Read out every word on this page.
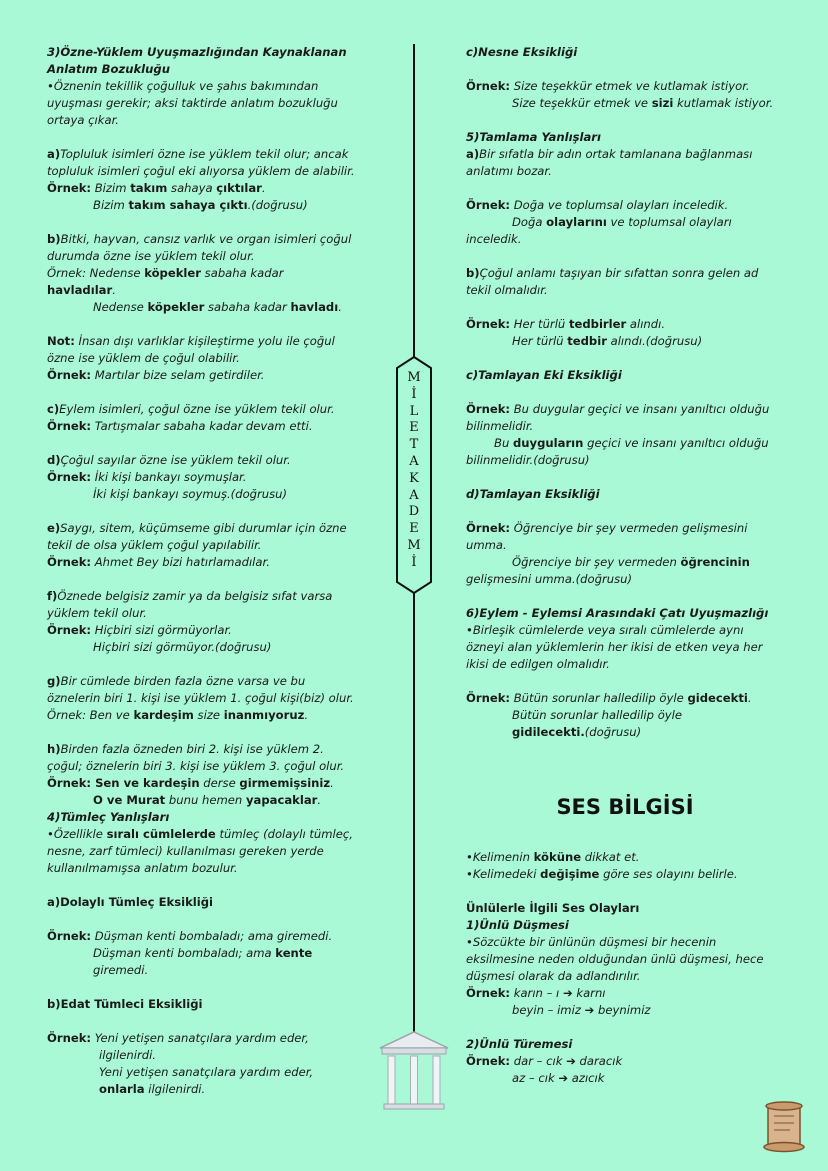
M
İ
L
E
T
A
K
A
D
E
M
İ

3)Özne-Yüklem Uyuşmazlığından Kaynaklanan
Anlatım Bozukluğu

•Öznenin tekillik çoğulluk ve şahıs bakımından
uyuşması gerekir; aksi taktirde anlatım bozukluğu
ortaya çıkar.

a)Topluluk isimleri özne ise yüklem tekil olur; ancak
topluluk isimleri çoğul eki alıyorsa yüklem de alabilir.

Örnek: Bizim takım sahaya çıktılar.

Bizim takım sahaya çıktı.(doğrusu)

b)Bitki, hayvan, cansız varlık ve organ isimleri çoğul
durumda özne ise yüklem tekil olur.

Örnek: Nedense köpekler sabaha kadar
havladılar.

Nedense köpekler sabaha kadar havladı.

Not: İnsan dışı varlıklar kişileştirme yolu ile çoğul
özne ise yüklem de çoğul olabilir.

Örnek: Martılar bize selam getirdiler.

c)Eylem isimleri, çoğul özne ise yüklem tekil olur.

Örnek: Tartışmalar sabaha kadar devam etti.

d)Çoğul sayılar özne ise yüklem tekil olur.

Örnek: İki kişi bankayı soymuşlar.

İki kişi bankayı soymuş.(doğrusu)

e)Saygı, sitem, küçümseme gibi durumlar için özne
tekil de olsa yüklem çoğul yapılabilir.

Örnek: Ahmet Bey bizi hatırlamadılar.

f)Öznede belgisiz zamir ya da belgisiz sıfat varsa
yüklem tekil olur.

Örnek: Hiçbiri sizi görmüyorlar.

Hiçbiri sizi görmüyor.(doğrusu)

g)Bir cümlede birden fazla özne varsa ve bu
öznelerin biri 1. kişi ise yüklem 1. çoğul kişi(biz) olur.

Örnek: Ben ve kardeşim size inanmıyoruz.

h)Birden fazla özneden biri 2. kişi ise yüklem 2.
çoğul; öznelerin biri 3. kişi ise yüklem 3. çoğul olur.

Örnek: Sen ve kardeşin derse girmemişsiniz.

O ve Murat bunu hemen yapacaklar.

4)Tümleç Yanlışları

•Özellikle sıralı cümlelerde tümleç (dolaylı tümleç,
nesne, zarf tümleci) kullanılması gereken yerde
kullanılmamışsa anlatım bozulur.

a)Dolaylı Tümleç Eksikliği

Örnek: Düşman kenti bombaladı; ama giremedi.

Düşman kenti bombaladı; ama kente
giremedi.

b)Edat Tümleci Eksikliği

Örnek: Yeni yetişen sanatçılara yardım eder,

ilgilenirdi.

Yeni yetişen sanatçılara yardım eder,
onlarla ilgilenirdi.

c)Nesne Eksikliği

Örnek: Size teşekkür etmek ve kutlamak istiyor.

Size teşekkür etmek ve sizi kutlamak istiyor.

5)Tamlama Yanlışları

a)Bir sıfatla bir adın ortak tamlanana bağlanması
anlatımı bozar.

Örnek: Doğa ve toplumsal olayları inceledik.

Doğa olaylarını ve toplumsal olayları

inceledik.

b)Çoğul anlamı taşıyan bir sıfattan sonra gelen ad
tekil olmalıdır.

Örnek: Her türlü tedbirler alındı.

Her türlü tedbir alındı.(doğrusu)

c)Tamlayan Eki Eksikliği

Örnek: Bu duygular geçici ve insanı yanıltıcı olduğu
bilinmelidir.

Bu duyguların geçici ve insanı yanıltıcı olduğu

bilinmelidir.(doğrusu)

d)Tamlayan Eksikliği

Örnek: Öğrenciye bir şey vermeden gelişmesini
umma.

Öğrenciye bir şey vermeden öğrencinin

gelişmesini umma.(doğrusu)

6)Eylem - Eylemsi Arasındaki Çatı Uyuşmazlığı

•Birleşik cümlelerde veya sıralı cümlelerde aynı
özneyi alan yüklemlerin her ikisi de etken veya her
ikisi de edilgen olmalıdır.

Örnek: Bütün sorunlar halledilip öyle gidecekti.

Bütün sorunlar halledilip öyle
gidilecekti.(doğrusu)

SES BİLGİSİ

•Kelimenin köküne dikkat et.

•Kelimedeki değişime göre ses olayını belirle.

Ünlülerle İlgili Ses Olayları

1)Ünlü Düşmesi

•Sözcükte bir ünlünün düşmesi bir hecenin
eksilmesine neden olduğundan ünlü düşmesi, hece
düşmesi olarak da adlandırılır.

Örnek: karın – ı ➔ karnı

beyin – imiz ➔ beynimiz

2)Ünlü Türemesi

Örnek: dar – cık ➔ daracık

az – cık ➔ azıcık
